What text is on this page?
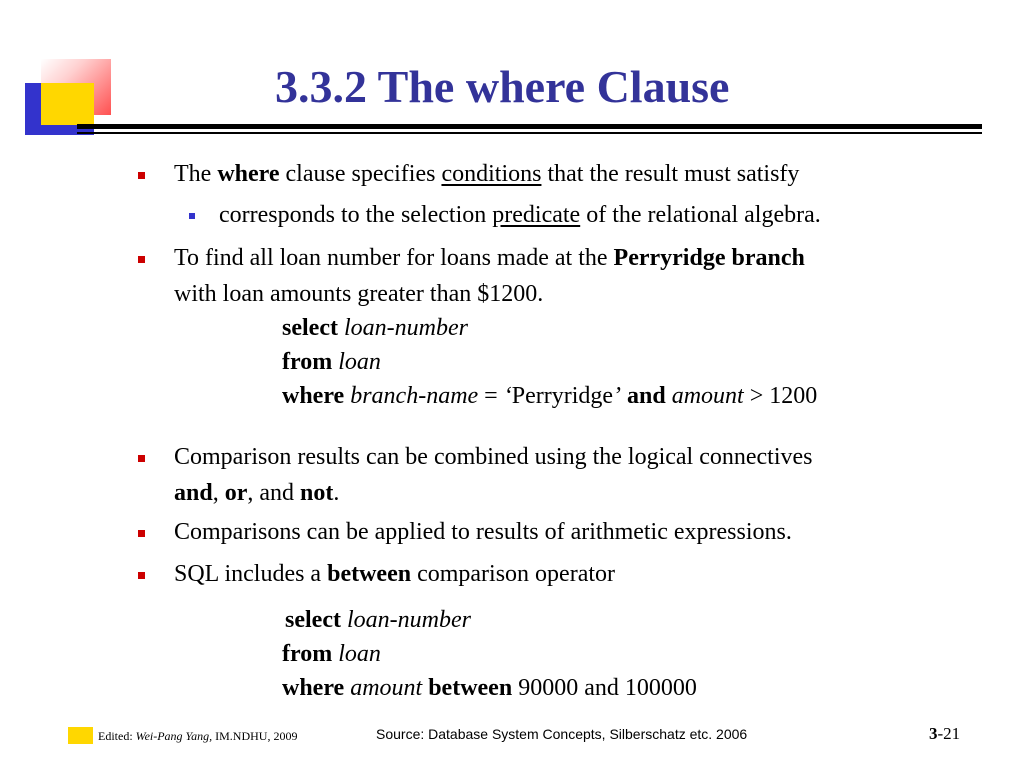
3.3.2 The where Clause
The where clause specifies conditions that the result must satisfy
corresponds to the selection predicate of the relational algebra.
To find all loan number for loans made at the Perryridge branch
with loan amounts greater than $1200.
select loan-number
from loan
where branch-name = ‘Perryridge’ and amount > 1200
Comparison results can be combined using the logical connectives
and, or, and not.
Comparisons can be applied to results of arithmetic expressions.
SQL includes a between comparison operator
select loan-number
from loan
where amount between 90000 and 100000
Edited: Wei-Pang Yang, IM.NDHU, 2009	Source: Database System Concepts, Silberschatz etc. 2006	3-21
